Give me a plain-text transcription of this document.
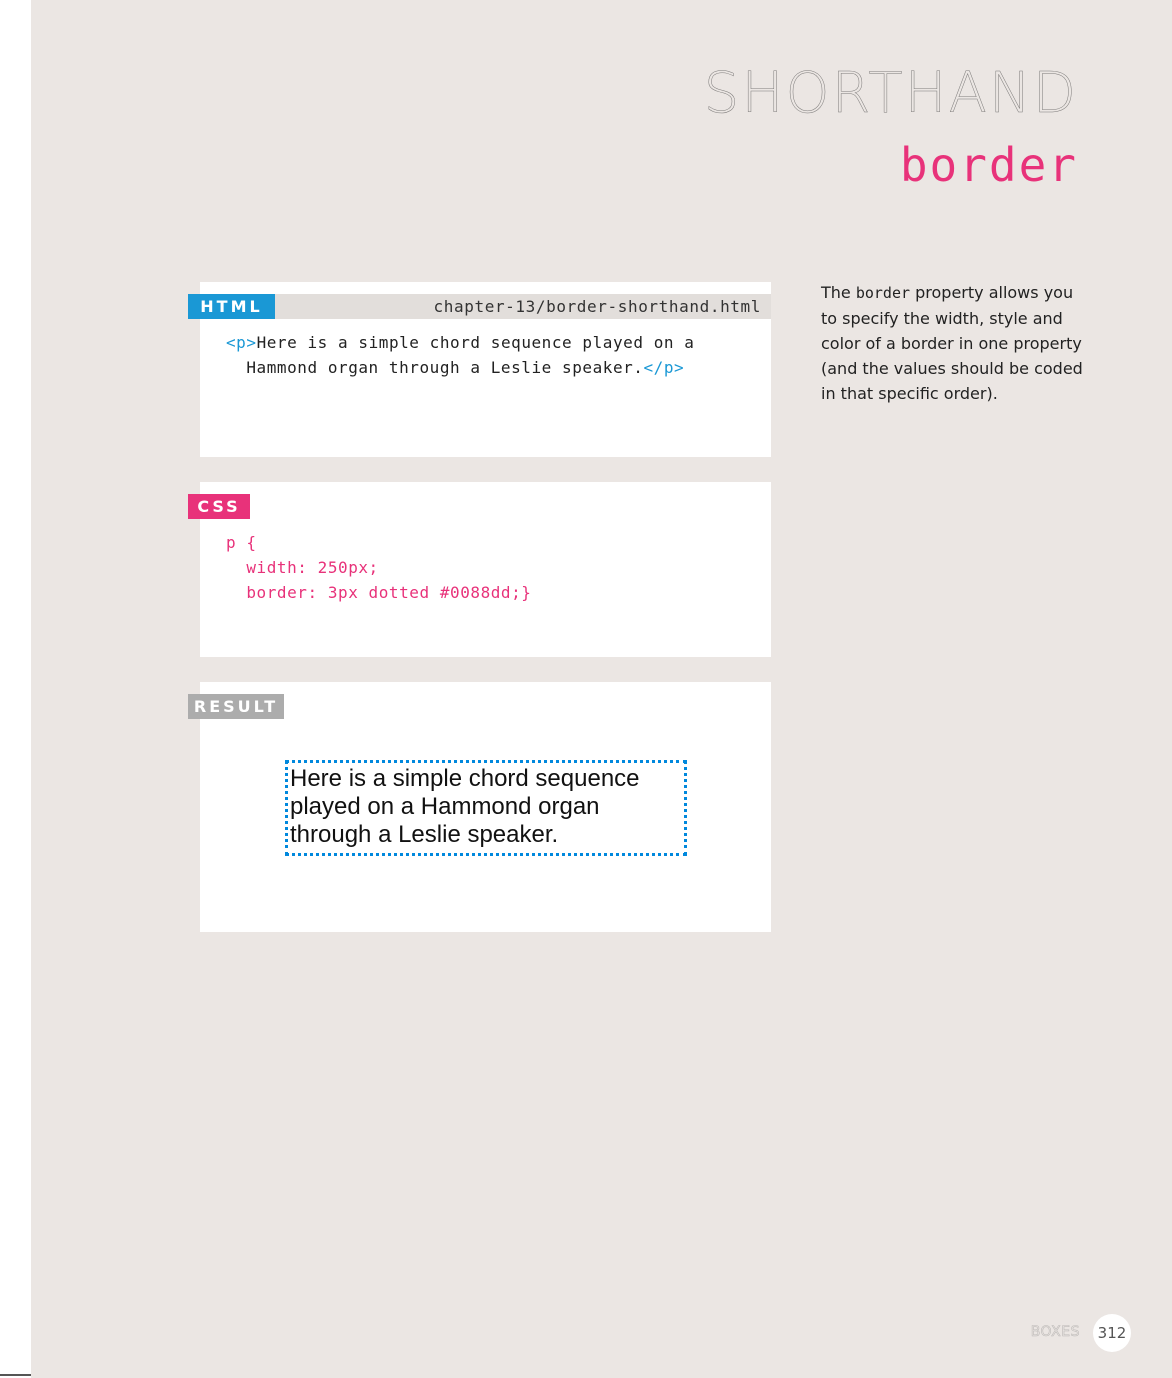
SHORTHAND
border
HTML	chapter-13/border-shorthand.html
<p>Here is a simple chord sequence played on a
Hammond organ through a Leslie speaker.</p>
CSS
p {
width: 250px;
border: 3px dotted #0088dd;}
RESULT
Here is a simple chord sequence played on a Hammond organ through a Leslie speaker.
The border property allows you to specify the width, style and color of a border in one property (and the values should be coded in that specific order).
BOXES	312
